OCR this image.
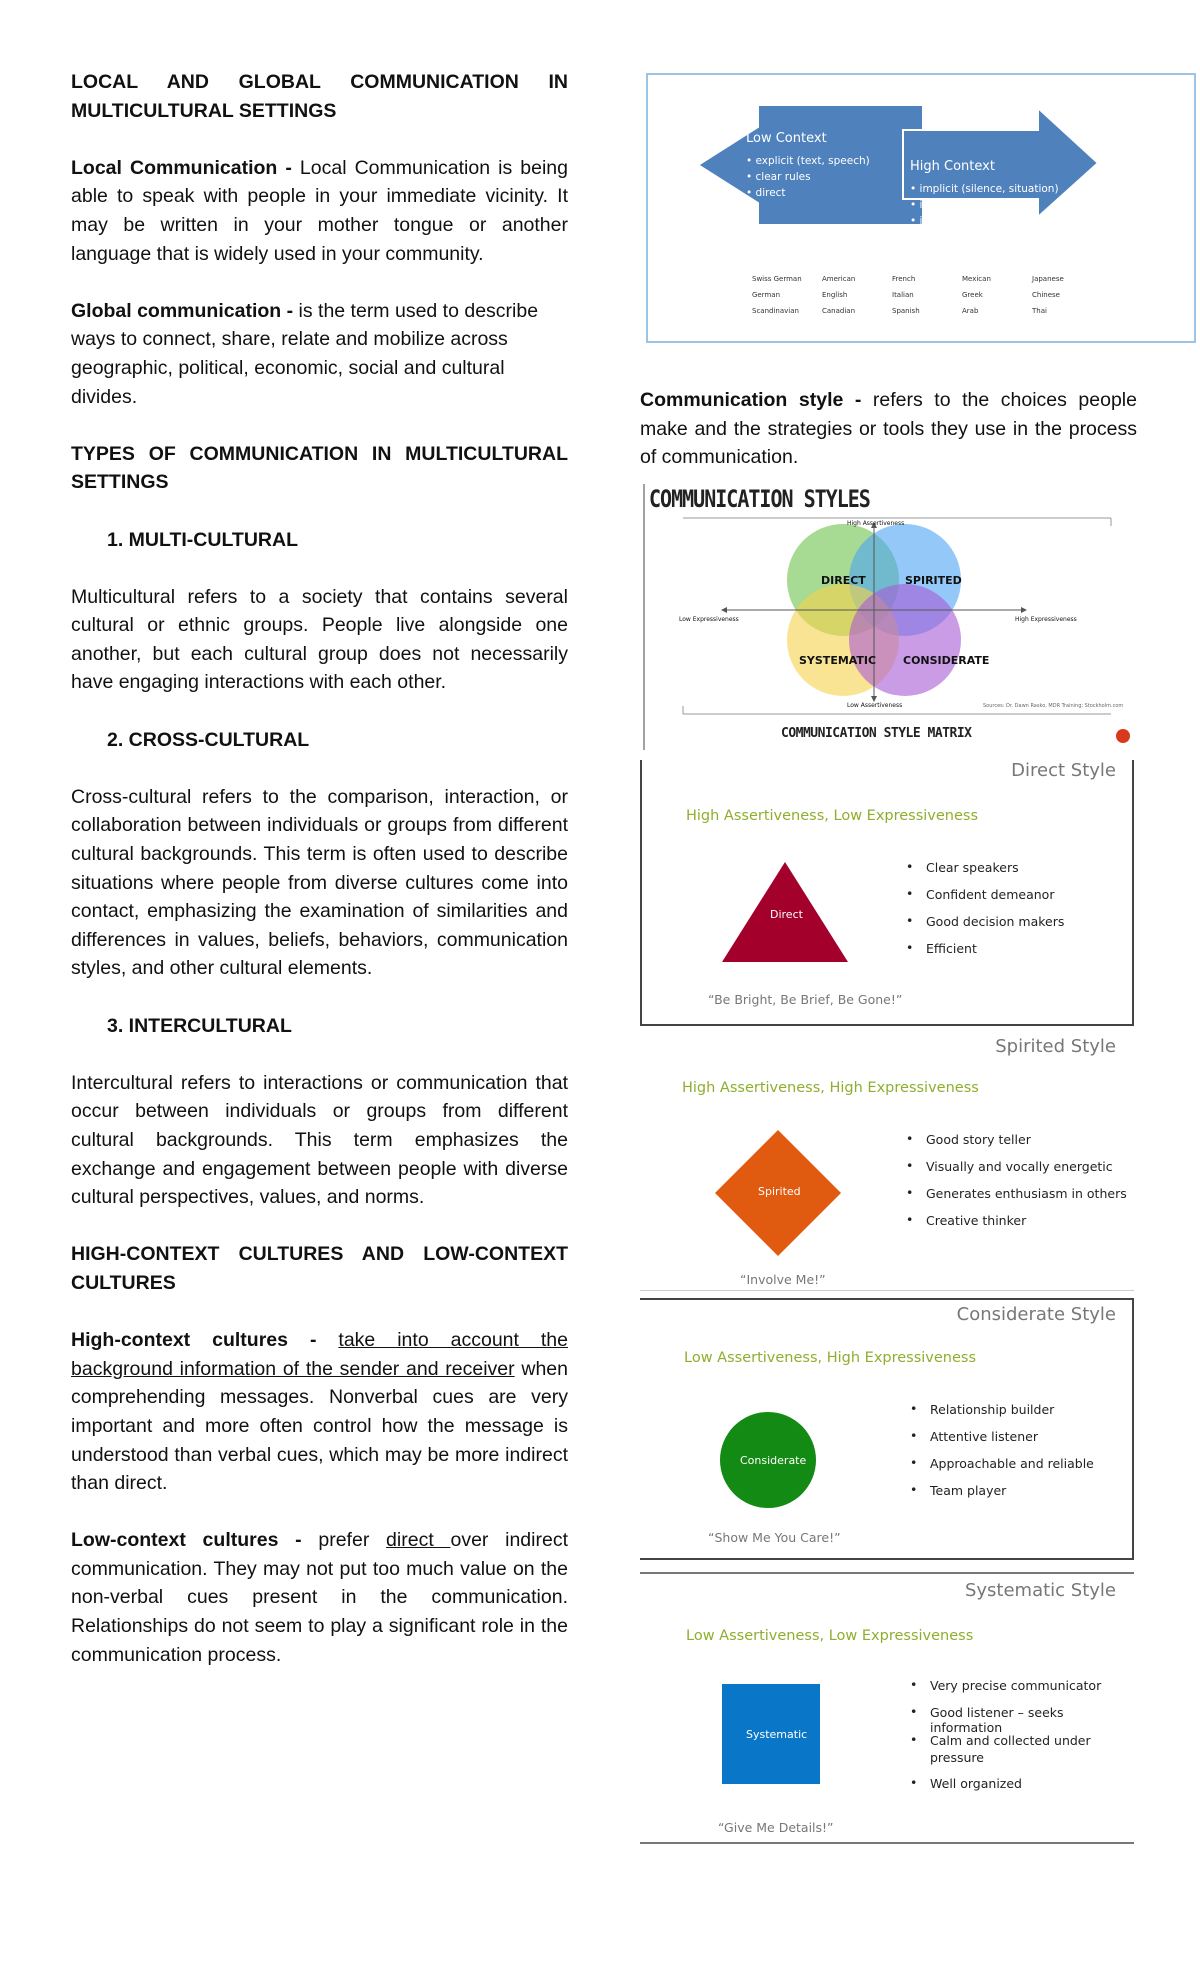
LOCAL AND GLOBAL COMMUNICATION IN MULTICULTURAL SETTINGS
Local Communication - Local Communication is being able to speak with people in your immediate vicinity. It may be written in your mother tongue or another language that is widely used in your community.
Global communication - is the term used to describe ways to connect, share, relate and mobilize across
geographic, political, economic, social and cultural divides.
TYPES OF COMMUNICATION IN MULTICULTURAL SETTINGS
1. MULTI-CULTURAL
Multicultural refers to a society that contains several cultural or ethnic groups. People live alongside one another, but each cultural group does not necessarily have engaging interactions with each other.
2. CROSS-CULTURAL
Cross-cultural refers to the comparison, interaction, or collaboration between individuals or groups from different cultural backgrounds. This term is often used to describe situations where people from diverse cultures come into contact, emphasizing the examination of similarities and differences in values, beliefs, behaviors, communication styles, and other cultural elements.
3. INTERCULTURAL
Intercultural refers to interactions or communication that occur between individuals or groups from different cultural backgrounds. This term emphasizes the exchange and engagement between people with diverse cultural perspectives, values, and norms.
HIGH-CONTEXT CULTURES AND LOW-CONTEXT CULTURES
High-context cultures - take into account the background information of the sender and receiver when comprehending messages. Nonverbal cues are very important and more often control how the message is understood than verbal cues, which may be more indirect than direct.
Low-context cultures - prefer direct over indirect communication. They may not put too much value on the non-verbal cues present in the communication. Relationships do not seem to play a significant role in the communication process.
Low Context
• explicit (text, speech)
• clear rules
• direct
High Context
• implicit (silence, situation)
• internalized rules
• indirect
Swiss German
German
Scandinavian
American
English
Canadian
French
Italian
Spanish
Mexican
Greek
Arab
Japanese
Chinese
Thai
Communication style - refers to the choices people make and the strategies or tools they use in the process of communication.
COMMUNICATION STYLES
High Assertiveness
Low Assertiveness
Low Expressiveness	High Expressiveness
DIRECT	SPIRITED
SYSTEMATIC CONSIDERATE
Sources: Dr. Dawn Rasko, MDR Training; Stockholm.com
COMMUNICATION STYLE MATRIX
Direct Style
High Assertiveness, Low Expressiveness
Direct
• Clear speakers
• Confident demeanor
• Good decision makers
• Efficient
“Be Bright, Be Brief, Be Gone!”
Spirited Style
High Assertiveness, High Expressiveness
Spirited
• Good story teller
• Visually and vocally energetic
• Generates enthusiasm in others
• Creative thinker
“Involve Me!”
Considerate Style
Low Assertiveness, High Expressiveness
Considerate
• Relationship builder
• Attentive listener
• Approachable and reliable
• Team player
“Show Me You Care!”
Systematic Style
Low Assertiveness, Low Expressiveness
Systematic
• Very precise communicator
• Good listener – seeks information
• Calm and collected under pressure
• Well organized
“Give Me Details!”
